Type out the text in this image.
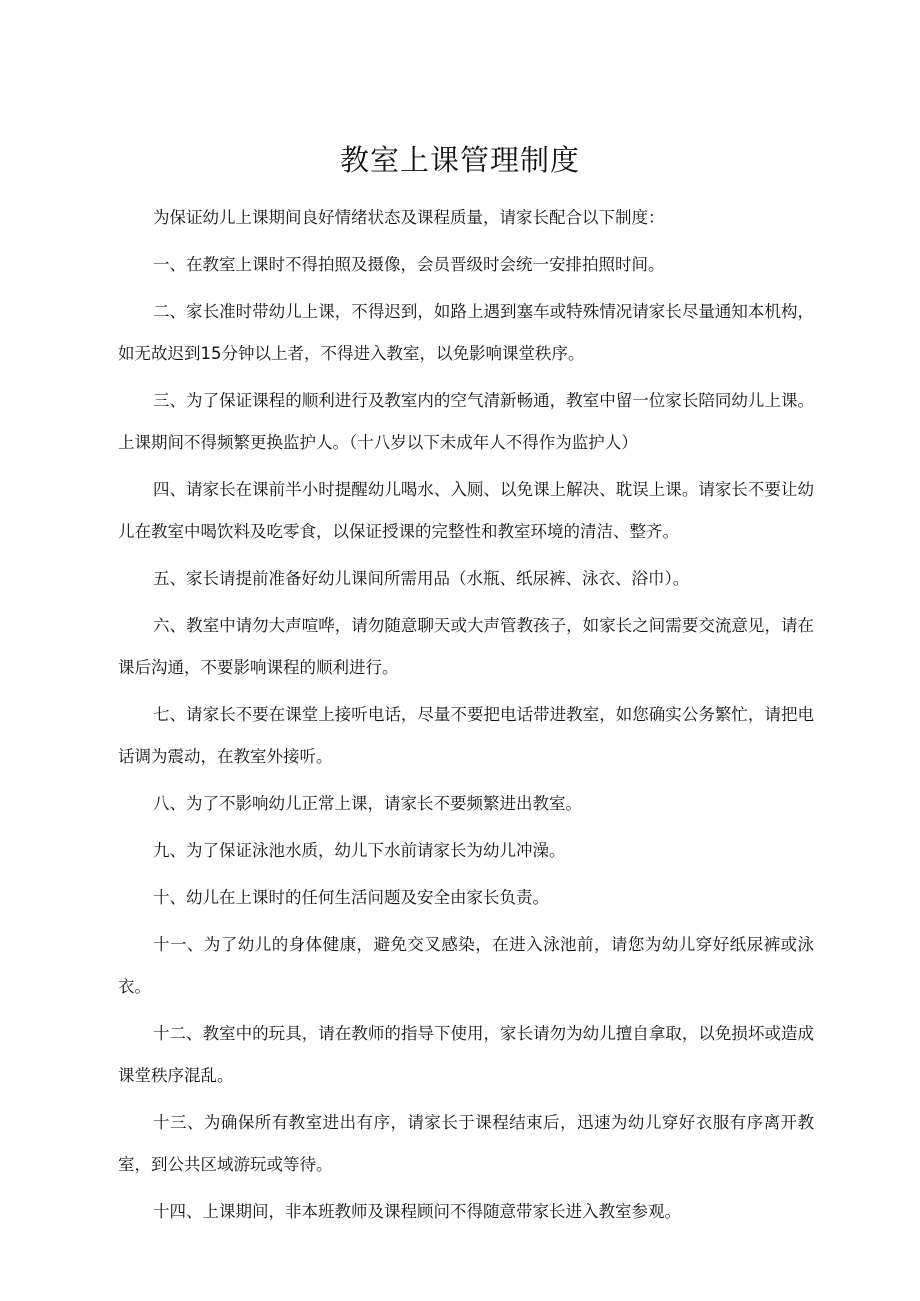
教室上课管理制度

为保证幼儿上课期间良好情绪状态及课程质量，请家长配合以下制度：

一、在教室上课时不得拍照及摄像，会员晋级时会统一安排拍照时间。

二、家长准时带幼儿上课，不得迟到，如路上遇到塞车或特殊情况请家长尽量通知本机构，如无故迟到15分钟以上者，不得进入教室，以免影响课堂秩序。

三、为了保证课程的顺利进行及教室内的空气清新畅通，教室中留一位家长陪同幼儿上课。上课期间不得频繁更换监护人。（十八岁以下未成年人不得作为监护人）

四、请家长在课前半小时提醒幼儿喝水、入厕、以免课上解决、耽误上课。请家长不要让幼儿在教室中喝饮料及吃零食，以保证授课的完整性和教室环境的清洁、整齐。

五、家长请提前准备好幼儿课间所需用品（水瓶、纸尿裤、泳衣、浴巾）。

六、教室中请勿大声喧哗，请勿随意聊天或大声管教孩子，如家长之间需要交流意见，请在课后沟通，不要影响课程的顺利进行。

七、请家长不要在课堂上接听电话，尽量不要把电话带进教室，如您确实公务繁忙，请把电话调为震动，在教室外接听。

八、为了不影响幼儿正常上课，请家长不要频繁进出教室。

九、为了保证泳池水质，幼儿下水前请家长为幼儿冲澡。

十、幼儿在上课时的任何生活问题及安全由家长负责。

十一、为了幼儿的身体健康，避免交叉感染，在进入泳池前，请您为幼儿穿好纸尿裤或泳衣。

十二、教室中的玩具，请在教师的指导下使用，家长请勿为幼儿擅自拿取，以免损坏或造成课堂秩序混乱。

十三、为确保所有教室进出有序，请家长于课程结束后，迅速为幼儿穿好衣服有序离开教室，到公共区域游玩或等待。

十四、上课期间，非本班教师及课程顾问不得随意带家长进入教室参观。
